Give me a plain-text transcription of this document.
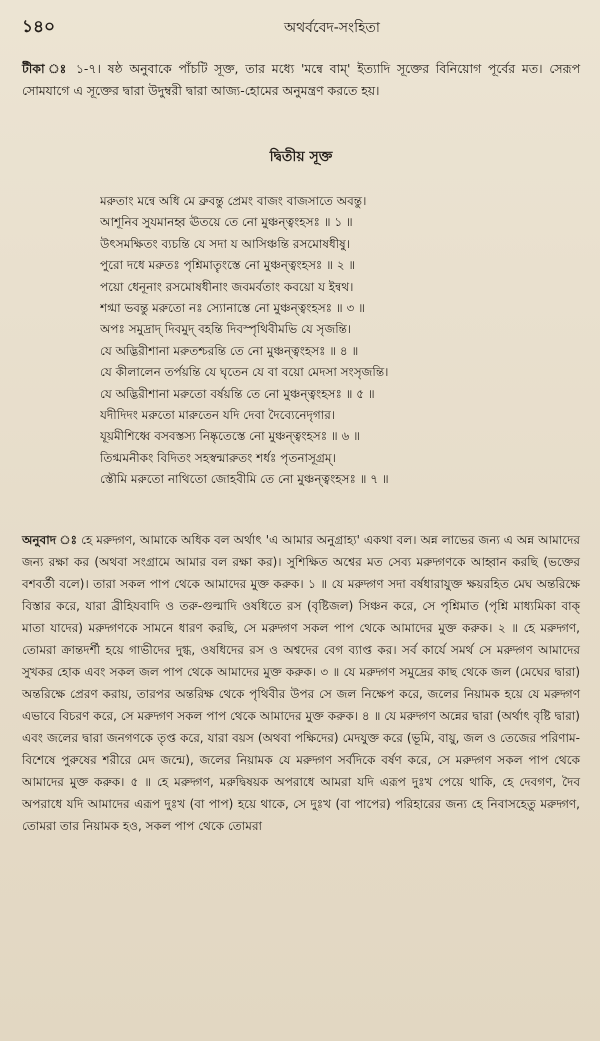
১৪০	অথর্ববেদ-সংহিতা
টীকা ঃ ১-৭। ষষ্ঠ অনুবাকে পাঁচটি সূক্ত, তার মধ্যে 'মন্বে বাম্' ইত্যাদি সূক্তের বিনিয়োগ পূর্বের মত। সেরূপ সোমযাগে এ সূক্তের দ্বারা উদুম্বরী দ্বারা আজ্য-হোমের অনুমন্ত্রণ করতে হয়।
দ্বিতীয় সূক্ত
মরুতাং মন্বে অধি মে ব্রুবন্তু প্রেমং বাজং বাজসাতে অবন্তু।
আশূনিব সুযমানহ্ব ঊতয়ে তে নো মুঞ্চন্ত্বংহসঃ ॥ ১ ॥
উৎসমক্ষিতং ব্যচন্তি যে সদা য আসিঞ্চন্তি রসমোষধীষু।
পুরো দধে মরুতঃ পৃশ্নিমাতৄংস্তে নো মুঞ্চন্ত্বংহসঃ ॥ ২ ॥
পয়ো ধেনূনাং রসমোষধীনাং জবমর্বতাং কবয়ো য ইন্বথ।
শগ্মা ভবন্তু মরুতো নঃ স্যোনাস্তে নো মুঞ্চন্ত্বংহসঃ ॥ ৩ ॥
অপঃ সমুদ্রাদ্ দিবমুদ্ বহন্তি দিবস্পৃথিবীমভি যে সৃজন্তি।
যে অদ্ভিরীশানা মরুতশ্চরন্তি তে নো মুঞ্চন্ত্বংহসঃ ॥ ৪ ॥
যে কীলালেন তর্পয়ন্তি যে ঘৃতেন যে বা বয়ো মেদসা সংসৃজন্তি।
যে অদ্ভিরীশানা মরুতো বর্ষয়ন্তি তে নো মুঞ্চন্ত্বংহসঃ ॥ ৫ ॥
যদীদিদং মরুতো মারুতেন যদি দেবা দৈব্যেনেদৃগার।
যূয়মীশিধ্বে বসবস্তস্য নিষ্কৃতেস্তে নো মুঞ্চন্ত্বংহসঃ ॥ ৬ ॥
তিগ্মমনীকং বিদিতং সহস্বন্মারুতং শর্ধঃ পৃতনাসূগ্রম্।
স্তৌমি মরুতো নাথিতো জোহবীমি তে নো মুঞ্চন্ত্বংহসঃ ॥ ৭ ॥
অনুবাদ ঃ হে মরুদ্গণ, আমাকে অধিক বল অর্থাৎ 'এ আমার অনুগ্রাহ্য' একথা বল। অন্ন লাভের জন্য এ অন্ন আমাদের জন্য রক্ষা কর (অথবা সংগ্রামে আমার বল রক্ষা কর)। সুশিক্ষিত অশ্বের মত সেব্য মরুদ্গণকে আহ্বান করছি (ভক্তের বশবর্তী বলে)। তারা সকল পাপ থেকে আমাদের মুক্ত করুক। ১ ॥ যে মরুদ্গণ সদা বর্ষধারাযুক্ত ক্ষয়রহিত মেঘ অন্তরিক্ষে বিস্তার করে, যারা ব্রীহিযবাদি ও তরু-গুল্মাদি ওষধিতে রস (বৃষ্টিজল) সিঞ্চন করে, সে পৃশ্নিমাত (পৃশ্নি মাধ্যমিকা বাক্ মাতা যাদের) মরুদ্গণকে সামনে ধারণ করছি, সে মরুদ্গণ সকল পাপ থেকে আমাদের মুক্ত করুক। ২ ॥ হে মরুদ্গণ, তোমরা ক্রান্তদর্শী হয়ে গাভীদের দুগ্ধ, ওষধিদের রস ও অশ্বদের বেগ ব্যাপ্ত কর। সর্ব কার্যে সমর্থ সে মরুদ্গণ আমাদের সুখকর হোক এবং সকল জল পাপ থেকে আমাদের মুক্ত করুক। ৩ ॥ যে মরুদ্গণ সমুদ্রের কাছ থেকে জল (মেঘের দ্বারা) অন্তরিক্ষে প্রেরণ করায়, তারপর অন্তরিক্ষ থেকে পৃথিবীর উপর সে জল নিক্ষেপ করে, জলের নিয়ামক হয়ে যে মরুদ্গণ এভাবে বিচরণ করে, সে মরুদ্গণ সকল পাপ থেকে আমাদের মুক্ত করুক। ৪ ॥ যে মরুদ্গণ অন্নের দ্বারা (অর্থাৎ বৃষ্টি দ্বারা) এবং জলের দ্বারা জনগণকে তৃপ্ত করে, যারা বয়স (অথবা পক্ষিদের) মেদযুক্ত করে (ভূমি, বায়ু, জল ও তেজের পরিণাম-বিশেষে পুরুষের শরীরে মেদ জন্মে), জলের নিয়ামক যে মরুদ্গণ সর্বদিকে বর্ষণ করে, সে মরুদ্গণ সকল পাপ থেকে আমাদের মুক্ত করুক। ৫ ॥ হে মরুদ্গণ, মরুদ্বিষয়ক অপরাধে আমরা যদি এরূপ দুঃখ পেয়ে থাকি, হে দেবগণ, দৈব অপরাধে যদি আমাদের এরূপ দুঃখ (বা পাপ) হয়ে থাকে, সে দুঃখ (বা পাপের) পরিহারের জন্য হে নিবাসহেতু মরুদ্গণ, তোমরা তার নিয়ামক হও, সকল পাপ থেকে তোমরা
